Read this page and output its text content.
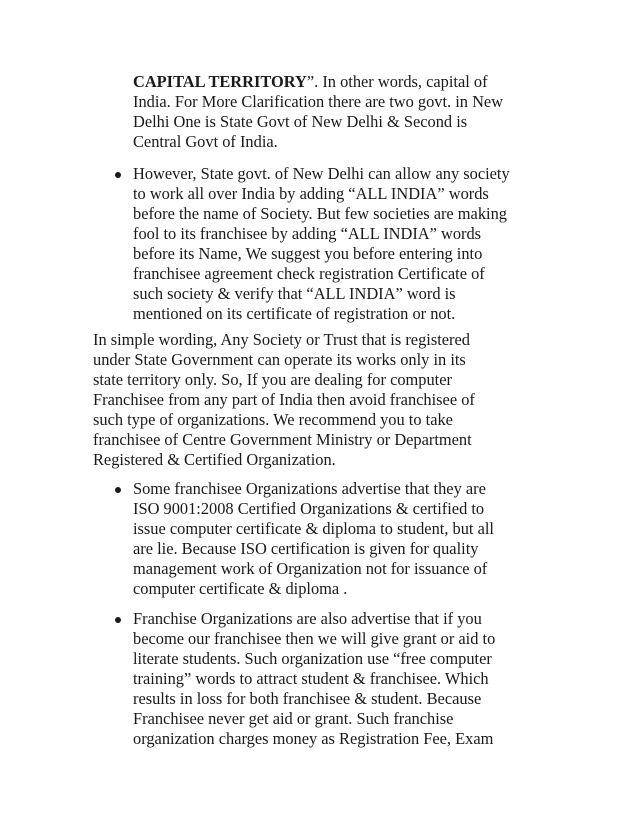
CAPITAL TERRITORY”. In other words, capital of
India. For More Clarification there are two govt. in New
Delhi One is State Govt of New Delhi & Second is
Central Govt of India.
However, State govt. of New Delhi can allow any society
to work all over India by adding “ALL INDIA” words
before the name of Society. But few societies are making
fool to its franchisee by adding “ALL INDIA” words
before its Name, We suggest you before entering into
franchisee agreement check registration Certificate of
such society & verify that “ALL INDIA” word is
mentioned on its certificate of registration or not.
In simple wording, Any Society or Trust that is registered
under State Government can operate its works only in its
state territory only. So, If you are dealing for computer
Franchisee from any part of India then avoid franchisee of
such type of organizations. We recommend you to take
franchisee of Centre Government Ministry or Department
Registered & Certified Organization.
Some franchisee Organizations advertise that they are
ISO 9001:2008 Certified Organizations & certified to
issue computer certificate & diploma to student, but all
are lie. Because ISO certification is given for quality
management work of Organization not for issuance of
computer certificate & diploma .
Franchise Organizations are also advertise that if you
become our franchisee then we will give grant or aid to
literate students. Such organization use “free computer
training” words to attract student & franchisee. Which
results in loss for both franchisee & student. Because
Franchisee never get aid or grant. Such franchise
organization charges money as Registration Fee, Exam
